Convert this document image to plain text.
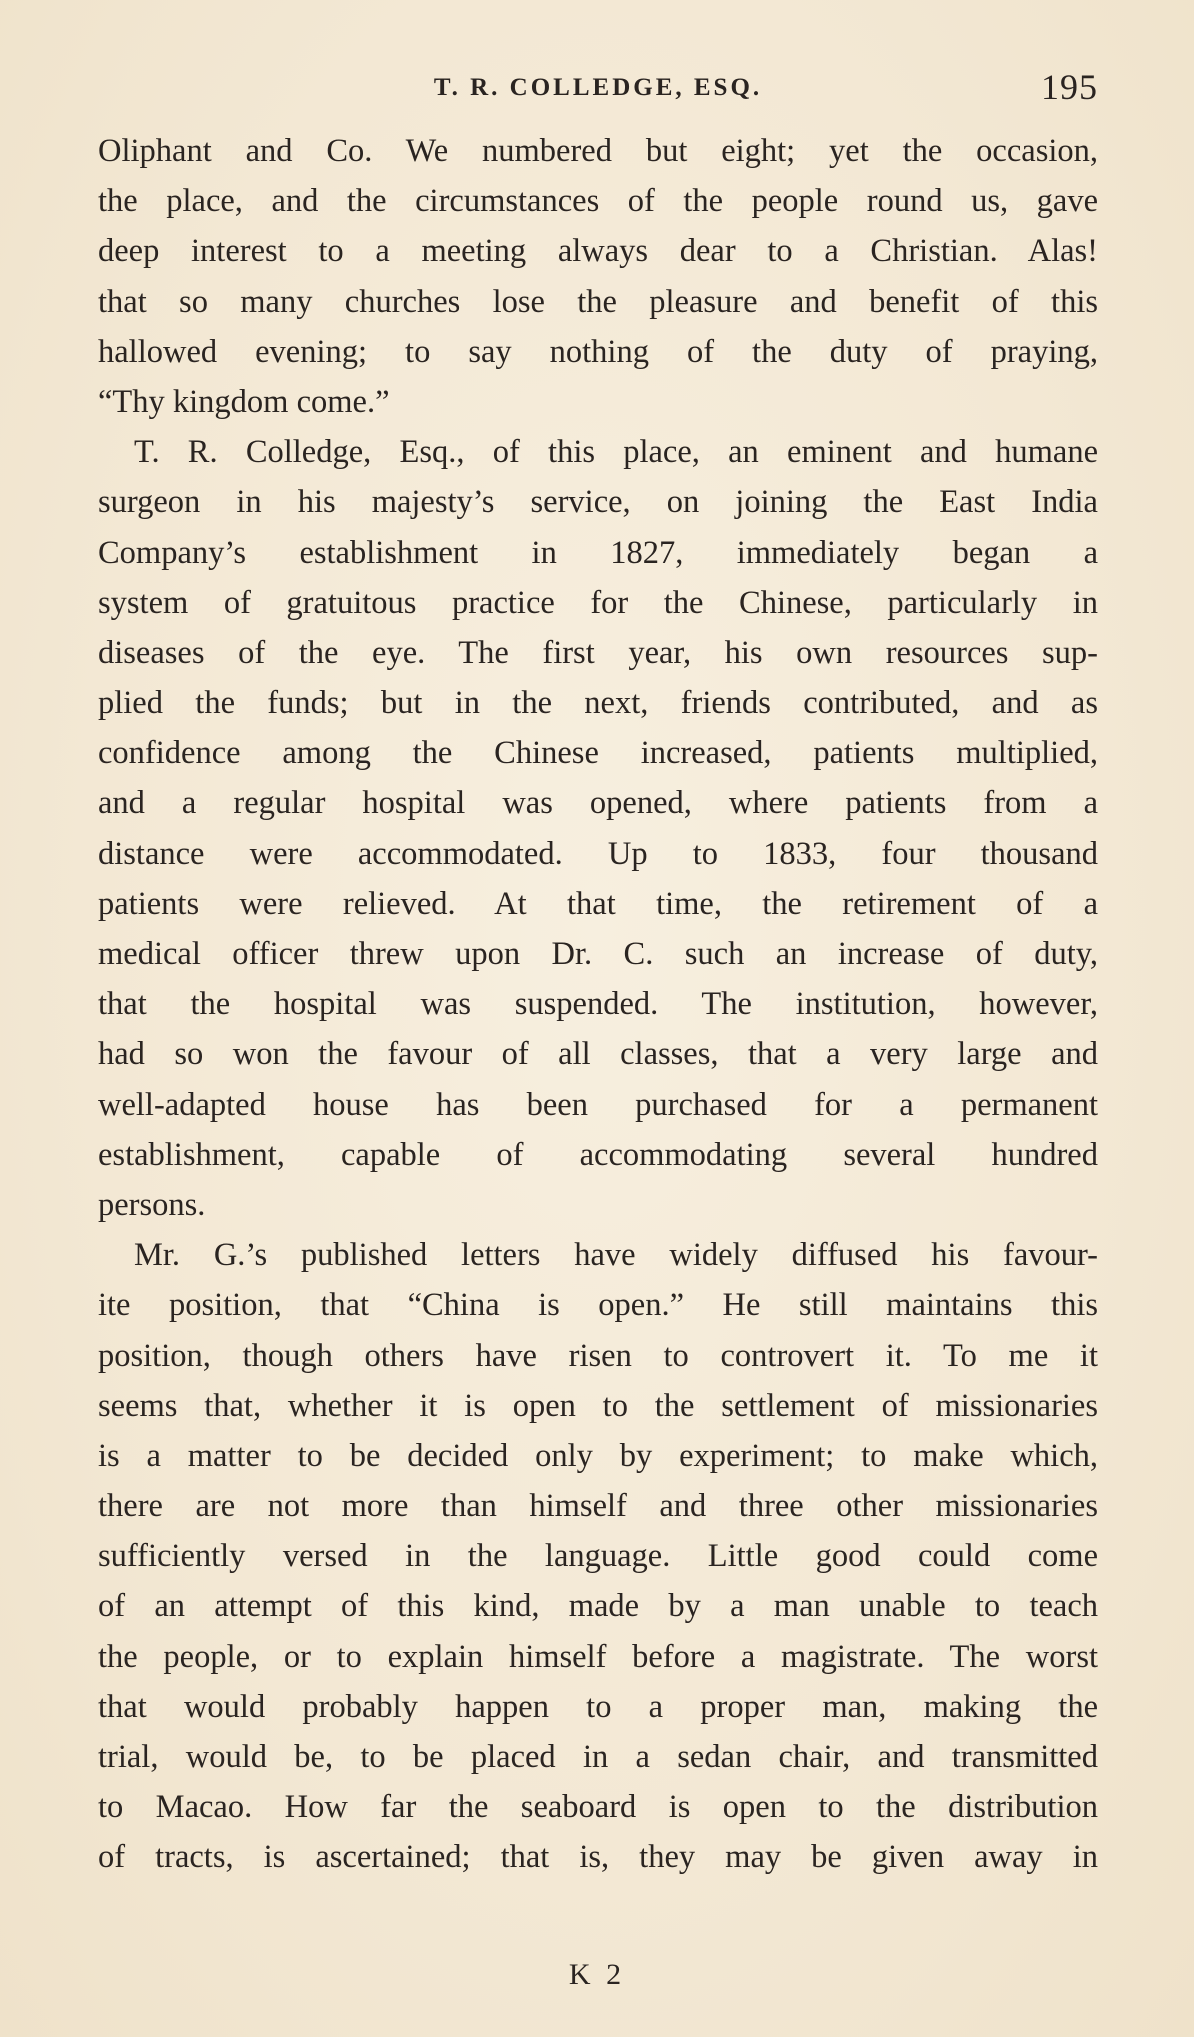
T. R. COLLEDGE, ESQ.	195
Oliphant and Co. We numbered but eight; yet the occasion,
the place, and the circumstances of the people round us, gave
deep interest to a meeting always dear to a Christian. Alas!
that so many churches lose the pleasure and benefit of this
hallowed evening; to say nothing of the duty of praying,
“Thy kingdom come.”
T. R. Colledge, Esq., of this place, an eminent and humane
surgeon in his majesty’s service, on joining the East India
Company’s establishment in 1827, immediately began a
system of gratuitous practice for the Chinese, particularly in
diseases of the eye. The first year, his own resources sup-
plied the funds; but in the next, friends contributed, and as
confidence among the Chinese increased, patients multiplied,
and a regular hospital was opened, where patients from a
distance were accommodated. Up to 1833, four thousand
patients were relieved. At that time, the retirement of a
medical officer threw upon Dr. C. such an increase of duty,
that the hospital was suspended. The institution, however,
had so won the favour of all classes, that a very large and
well-adapted house has been purchased for a permanent
establishment, capable of accommodating several hundred
persons.
Mr. G.’s published letters have widely diffused his favour-
ite position, that “China is open.” He still maintains this
position, though others have risen to controvert it. To me it
seems that, whether it is open to the settlement of missionaries
is a matter to be decided only by experiment; to make which,
there are not more than himself and three other missionaries
sufficiently versed in the language. Little good could come
of an attempt of this kind, made by a man unable to teach
the people, or to explain himself before a magistrate. The worst
that would probably happen to a proper man, making the
trial, would be, to be placed in a sedan chair, and transmitted
to Macao. How far the seaboard is open to the distribution
of tracts, is ascertained; that is, they may be given away in
K 2
